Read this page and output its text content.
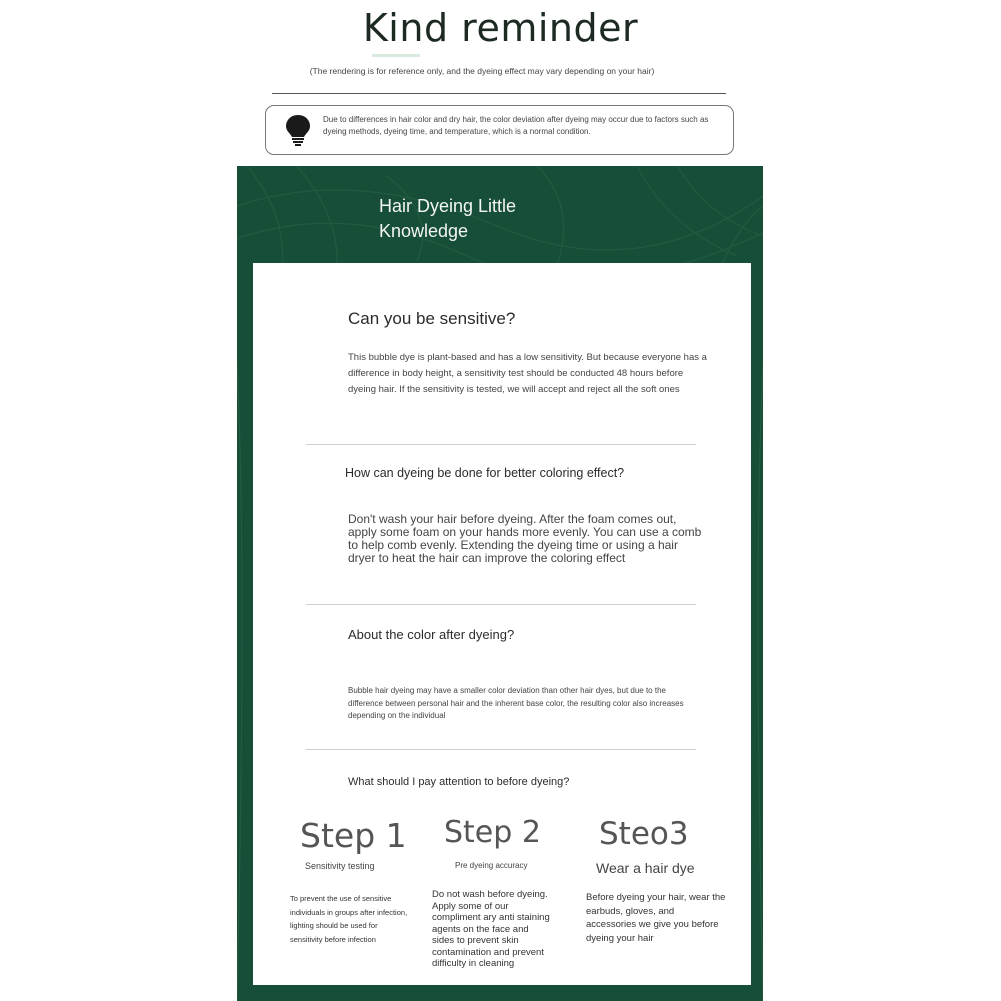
Kind reminder
(The rendering is for reference only, and the dyeing effect may vary depending on your hair)
Due to differences in hair color and dry hair, the color deviation after dyeing may occur due to factors such as dyeing methods, dyeing time, and temperature, which is a normal condition.
Hair Dyeing Little
Knowledge
Can you be sensitive?
This bubble dye is plant-based and has a low sensitivity. But because everyone has a difference in body height, a sensitivity test should be conducted 48 hours before dyeing hair. If the sensitivity is tested, we will accept and reject all the soft ones
How can dyeing be done for better coloring effect?
Don't wash your hair before dyeing. After the foam comes out, apply some foam on your hands more evenly. You can use a comb to help comb evenly. Extending the dyeing time or using a hair dryer to heat the hair can improve the coloring effect
About the color after dyeing?
Bubble hair dyeing may have a smaller color deviation than other hair dyes, but due to the difference between personal hair and the inherent base color, the resulting color also increases depending on the individual
What should I pay attention to before dyeing?
Step 1
Sensitivity testing
To prevent the use of sensitive individuals in groups after infection, lighting should be used for sensitivity before infection
Step 2
Pre dyeing accuracy
Do not wash before dyeing. Apply some of our compliment ary anti staining agents on the face and sides to prevent skin contamination and prevent difficulty in cleaning
Steo3
Wear a hair dye
Before dyeing your hair, wear the earbuds, gloves, and accessories we give you before dyeing your hair
